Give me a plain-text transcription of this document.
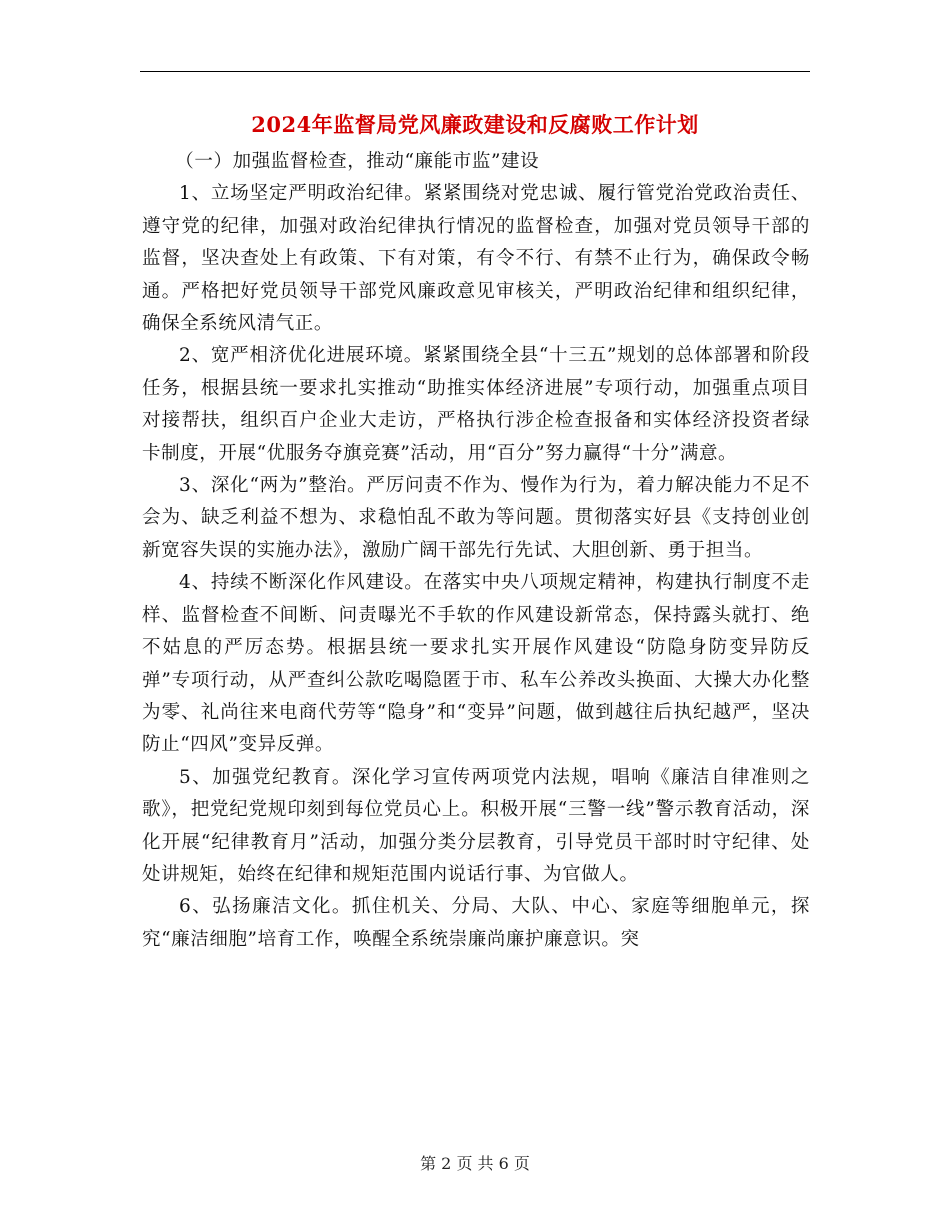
2024年监督局党风廉政建设和反腐败工作计划

（一）加强监督检查，推动“廉能市监”建设

1、立场坚定严明政治纪律。紧紧围绕对党忠诚、履行管党治党政治责任、遵守党的纪律，加强对政治纪律执行情况的监督检查，加强对党员领导干部的监督，坚决查处上有政策、下有对策，有令不行、有禁不止行为，确保政令畅通。严格把好党员领导干部党风廉政意见审核关，严明政治纪律和组织纪律，确保全系统风清气正。

2、宽严相济优化进展环境。紧紧围绕全县“十三五”规划的总体部署和阶段任务，根据县统一要求扎实推动“助推实体经济进展”专项行动，加强重点项目对接帮扶，组织百户企业大走访，严格执行涉企检查报备和实体经济投资者绿卡制度，开展“优服务夺旗竞赛”活动，用“百分”努力赢得“十分”满意。

3、深化“两为”整治。严厉问责不作为、慢作为行为，着力解决能力不足不会为、缺乏利益不想为、求稳怕乱不敢为等问题。贯彻落实好县《支持创业创新宽容失误的实施办法》，激励广阔干部先行先试、大胆创新、勇于担当。

4、持续不断深化作风建设。在落实中央八项规定精神，构建执行制度不走样、监督检查不间断、问责曝光不手软的作风建设新常态，保持露头就打、绝不姑息的严厉态势。根据县统一要求扎实开展作风建设“防隐身防变异防反弹”专项行动，从严查纠公款吃喝隐匿于市、私车公养改头换面、大操大办化整为零、礼尚往来电商代劳等“隐身”和“变异”问题，做到越往后执纪越严，坚决防止“四风”变异反弹。

5、加强党纪教育。深化学习宣传两项党内法规，唱响《廉洁自律准则之歌》，把党纪党规印刻到每位党员心上。积极开展“三警一线”警示教育活动，深化开展“纪律教育月”活动，加强分类分层教育，引导党员干部时时守纪律、处处讲规矩，始终在纪律和规矩范围内说话行事、为官做人。

6、弘扬廉洁文化。抓住机关、分局、大队、中心、家庭等细胞单元，探究“廉洁细胞”培育工作，唤醒全系统崇廉尚廉护廉意识。突

第 2 页 共 6 页
